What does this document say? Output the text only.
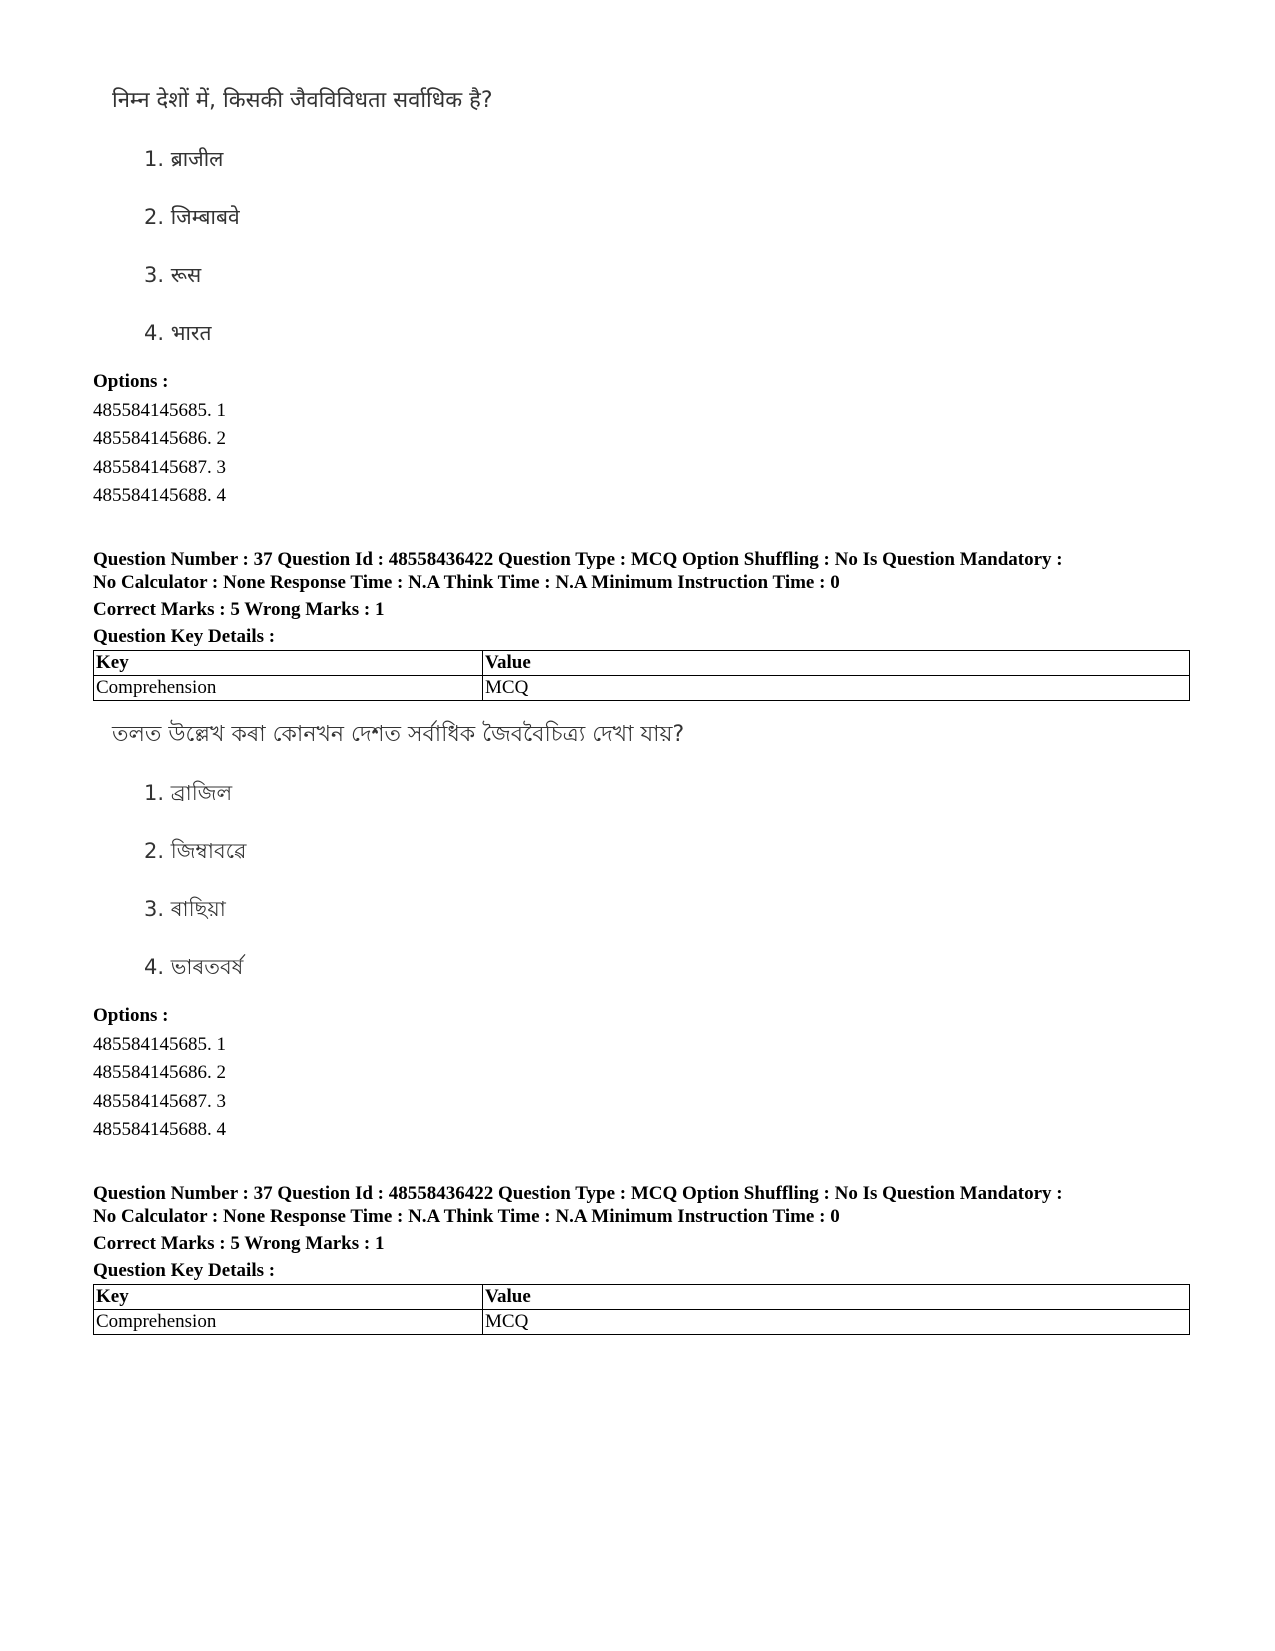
निम्न देशों में, किसकी जैवविविधता सर्वाधिक है?
1. ब्राजील
2. जिम्बाबवे
3. रूस
4. भारत
Options :
485584145685. 1
485584145686. 2
485584145687. 3
485584145688. 4
Question Number : 37 Question Id : 48558436422 Question Type : MCQ Option Shuffling : No Is Question Mandatory :
No Calculator : None Response Time : N.A Think Time : N.A Minimum Instruction Time : 0
Correct Marks : 5 Wrong Marks : 1
Question Key Details :
Key	Value
Comprehension	MCQ
তলত উল্লেখ কৰা কোনখন দেশত সৰ্বাধিক জৈববৈচিত্ৰ্য দেখা যায়?
1. ব্ৰাজিল
2. জিম্বাবৱে
3. ৰাছিয়া
4. ভাৰতবৰ্ষ
Options :
485584145685. 1
485584145686. 2
485584145687. 3
485584145688. 4
Question Number : 37 Question Id : 48558436422 Question Type : MCQ Option Shuffling : No Is Question Mandatory :
No Calculator : None Response Time : N.A Think Time : N.A Minimum Instruction Time : 0
Correct Marks : 5 Wrong Marks : 1
Question Key Details :
Key	Value
Comprehension	MCQ
